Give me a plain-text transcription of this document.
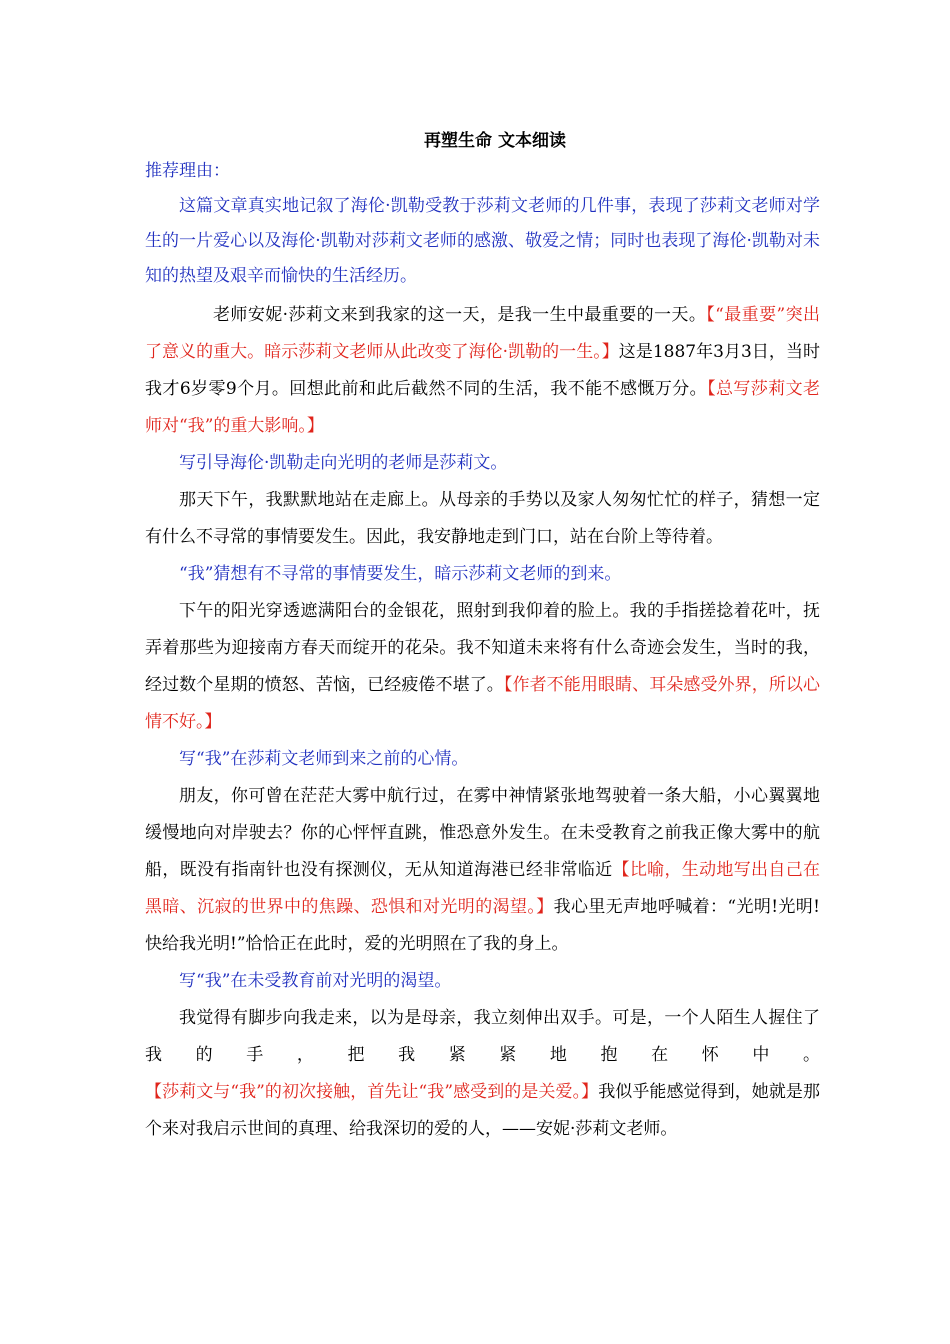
再塑生命 文本细读

推荐理由：

这篇文章真实地记叙了海伦·凯勒受教于莎莉文老师的几件事，表现了莎莉文老师对学生的一片爱心以及海伦·凯勒对莎莉文老师的感激、敬爱之情；同时也表现了海伦·凯勒对未知的热望及艰辛而愉快的生活经历。

老师安妮·莎莉文来到我家的这一天，是我一生中最重要的一天。【“最重要”突出了意义的重大。暗示莎莉文老师从此改变了海伦·凯勒的一生。】这是1887年3月3日，当时我才6岁零9个月。回想此前和此后截然不同的生活，我不能不感慨万分。【总写莎莉文老师对“我”的重大影响。】

写引导海伦·凯勒走向光明的老师是莎莉文。

那天下午，我默默地站在走廊上。从母亲的手势以及家人匆匆忙忙的样子，猜想一定有什么不寻常的事情要发生。因此，我安静地走到门口，站在台阶上等待着。

“我”猜想有不寻常的事情要发生，暗示莎莉文老师的到来。

下午的阳光穿透遮满阳台的金银花，照射到我仰着的脸上。我的手指搓捻着花叶，抚弄着那些为迎接南方春天而绽开的花朵。我不知道未来将有什么奇迹会发生，当时的我，经过数个星期的愤怒、苦恼，已经疲倦不堪了。【作者不能用眼睛、耳朵感受外界，所以心情不好。】

写“我”在莎莉文老师到来之前的心情。

朋友，你可曾在茫茫大雾中航行过，在雾中神情紧张地驾驶着一条大船，小心翼翼地缓慢地向对岸驶去？你的心怦怦直跳，惟恐意外发生。在未受教育之前我正像大雾中的航船，既没有指南针也没有探测仪，无从知道海港已经非常临近【比喻，生动地写出自己在黑暗、沉寂的世界中的焦躁、恐惧和对光明的渴望。】我心里无声地呼喊着：“光明!光明!快给我光明!”恰恰正在此时，爱的光明照在了我的身上。

写“我”在未受教育前对光明的渴望。

我觉得有脚步向我走来，以为是母亲，我立刻伸出双手。可是，一个人陌生人握住了我的手，把我紧紧地抱在怀中。【莎莉文与“我”的初次接触，首先让“我”感受到的是关爱。】我似乎能感觉得到，她就是那个来对我启示世间的真理、给我深切的爱的人，——安妮·莎莉文老师。
